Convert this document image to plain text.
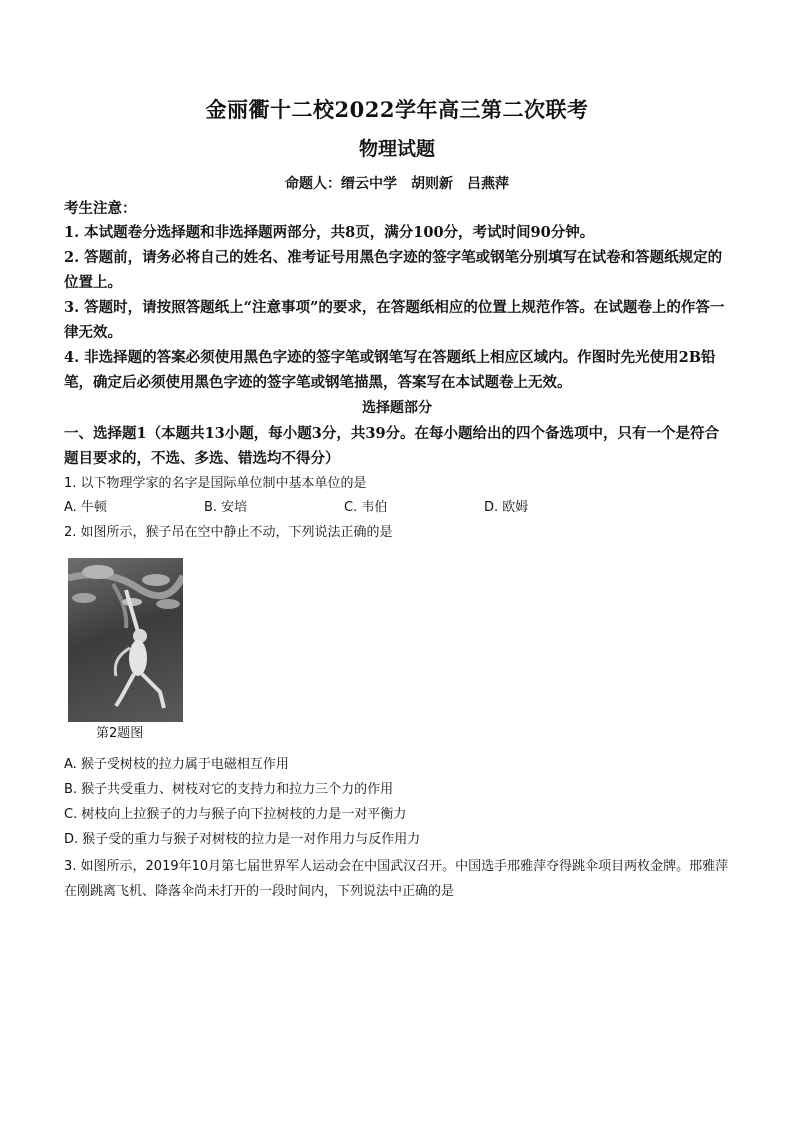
金丽衢十二校2022学年高三第二次联考
物理试题
命题人：缙云中学　胡则新　吕燕萍
考生注意：

1. 本试题卷分选择题和非选择题两部分，共8页，满分100分，考试时间90分钟。

2. 答题前，请务必将自己的姓名、准考证号用黑色字迹的签字笔或钢笔分别填写在试卷和答题纸规定的位置上。

3. 答题时，请按照答题纸上“注意事项”的要求，在答题纸相应的位置上规范作答。在试题卷上的作答一律无效。

4. 非选择题的答案必须使用黑色字迹的签字笔或钢笔写在答题纸上相应区域内。作图时先光使用2B铅笔，确定后必须使用黑色字迹的签字笔或钢笔描黑，答案写在本试题卷上无效。

选择题部分

一、选择题1（本题共13小题，每小题3分，共39分。在每小题给出的四个备选项中，只有一个是符合题目要求的，不选、多选、错选均不得分）

1. 以下物理学家的名字是国际单位制中基本单位的是
A. 牛顿	B. 安培	C. 韦伯	D. 欧姆
2. 如图所示，猴子吊在空中静止不动，下列说法正确的是
第2题图

A. 猴子受树枝的拉力属于电磁相互作用

B. 猴子共受重力、树枝对它的支持力和拉力三个力的作用

C. 树枝向上拉猴子的力与猴子向下拉树枝的力是一对平衡力

D. 猴子受的重力与猴子对树枝的拉力是一对作用力与反作用力

3. 如图所示，2019年10月第七届世界军人运动会在中国武汉召开。中国选手邢雅萍夺得跳伞项目两枚金牌。邢雅萍在刚跳离飞机、降落伞尚未打开的一段时间内，下列说法中正确的是
